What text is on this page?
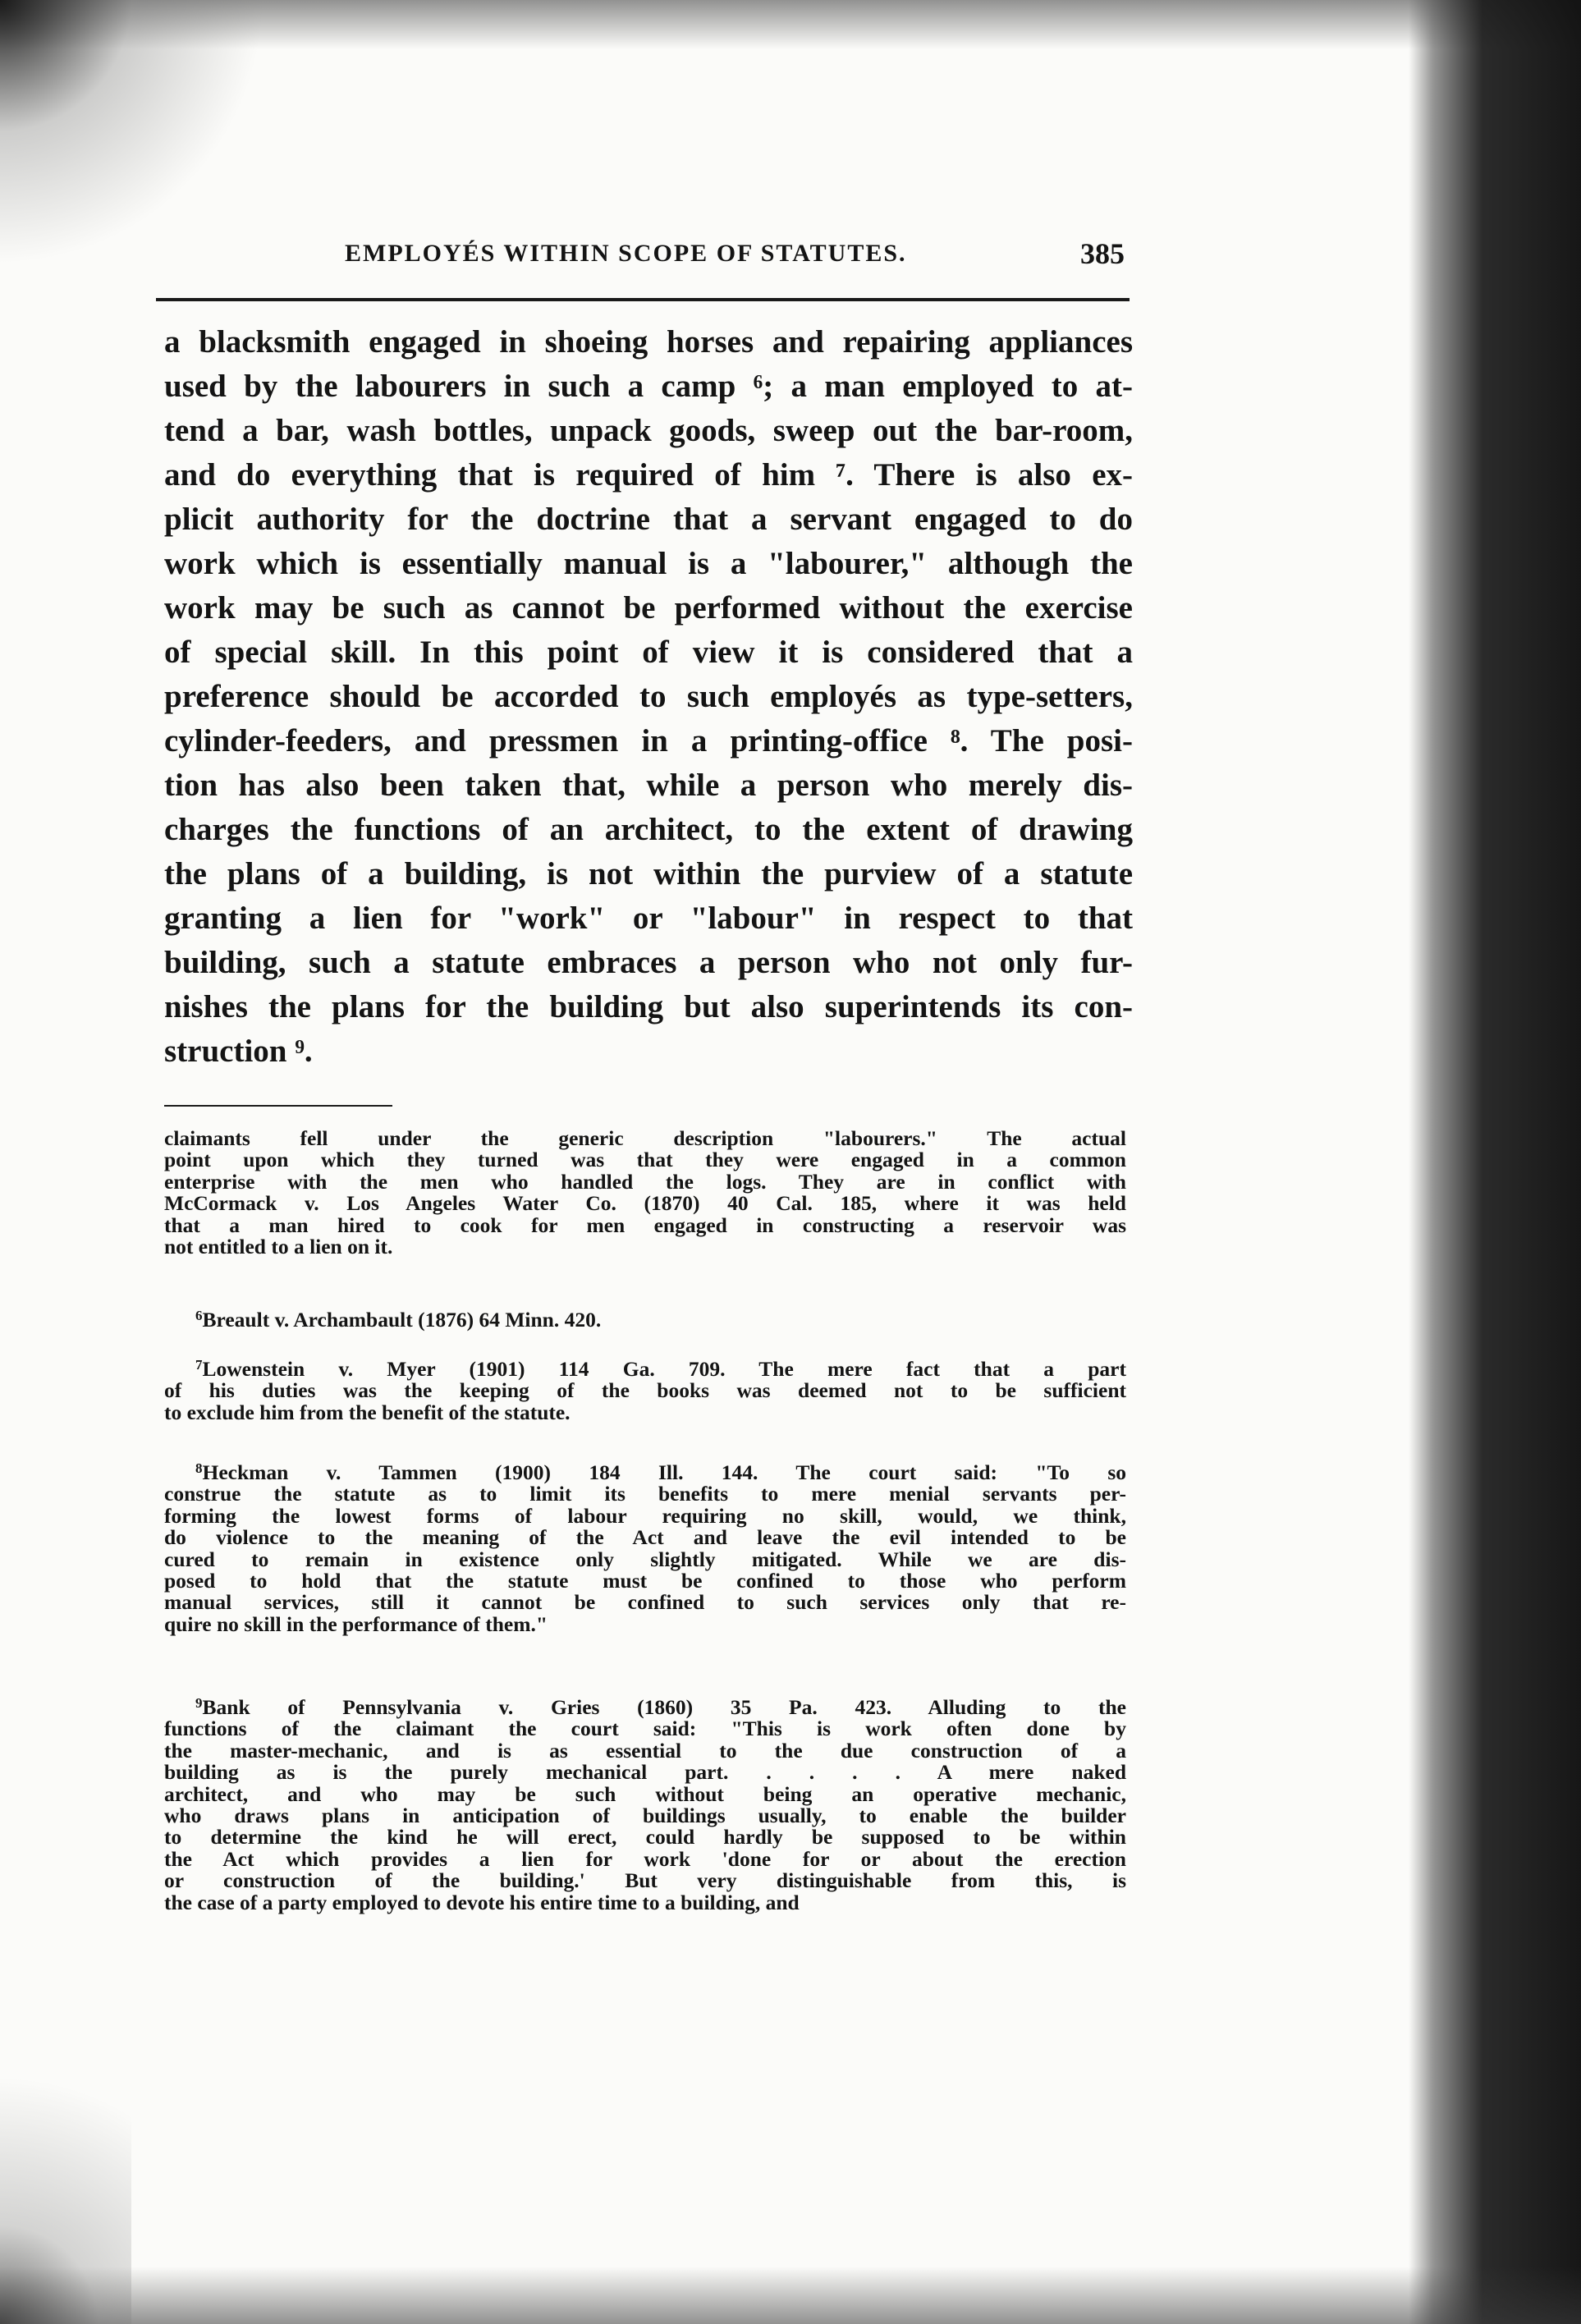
EMPLOYÉS WITHIN SCOPE OF STATUTES.	385
a blacksmith engaged in shoeing horses and repairing appliances
used by the labourers in such a camp ⁶; a man employed to at-
tend a bar, wash bottles, unpack goods, sweep out the bar-room,
and do everything that is required of him ⁷. There is also ex-
plicit authority for the doctrine that a servant engaged to do
work which is essentially manual is a "labourer," although the
work may be such as cannot be performed without the exercise
of special skill. In this point of view it is considered that a
preference should be accorded to such employés as type-setters,
cylinder-feeders, and pressmen in a printing-office ⁸. The posi-
tion has also been taken that, while a person who merely dis-
charges the functions of an architect, to the extent of drawing
the plans of a building, is not within the purview of a statute
granting a lien for "work" or "labour" in respect to that
building, such a statute embraces a person who not only fur-
nishes the plans for the building but also superintends its con-
struction ⁹.
claimants fell under the generic description "labourers." The actual
point upon which they turned was that they were engaged in a common
enterprise with the men who handled the logs. They are in conflict with
McCormack v. Los Angeles Water Co. (1870) 40 Cal. 185, where it was held
that a man hired to cook for men engaged in constructing a reservoir was
not entitled to a lien on it.
$^6$Breault v. Archambault (1876) 64 Minn. 420.
$^7$Lowenstein v. Myer (1901) 114 Ga. 709. The mere fact that a part
of his duties was the keeping of the books was deemed not to be sufficient
to exclude him from the benefit of the statute.
$^8$Heckman v. Tammen (1900) 184 Ill. 144. The court said: "To so
construe the statute as to limit its benefits to mere menial servants per-
forming the lowest forms of labour requiring no skill, would, we think,
do violence to the meaning of the Act and leave the evil intended to be
cured to remain in existence only slightly mitigated. While we are dis-
posed to hold that the statute must be confined to those who perform
manual services, still it cannot be confined to such services only that re-
quire no skill in the performance of them."
$^9$Bank of Pennsylvania v. Gries (1860) 35 Pa. 423. Alluding to the
functions of the claimant the court said: "This is work often done by
the master-mechanic, and is as essential to the due construction of a
building as is the purely mechanical part. . . . . A mere naked
architect, and who may be such without being an operative mechanic,
who draws plans in anticipation of buildings usually, to enable the builder
to determine the kind he will erect, could hardly be supposed to be within
the Act which provides a lien for work 'done for or about the erection
or construction of the building.' But very distinguishable from this, is
the case of a party employed to devote his entire time to a building, and
